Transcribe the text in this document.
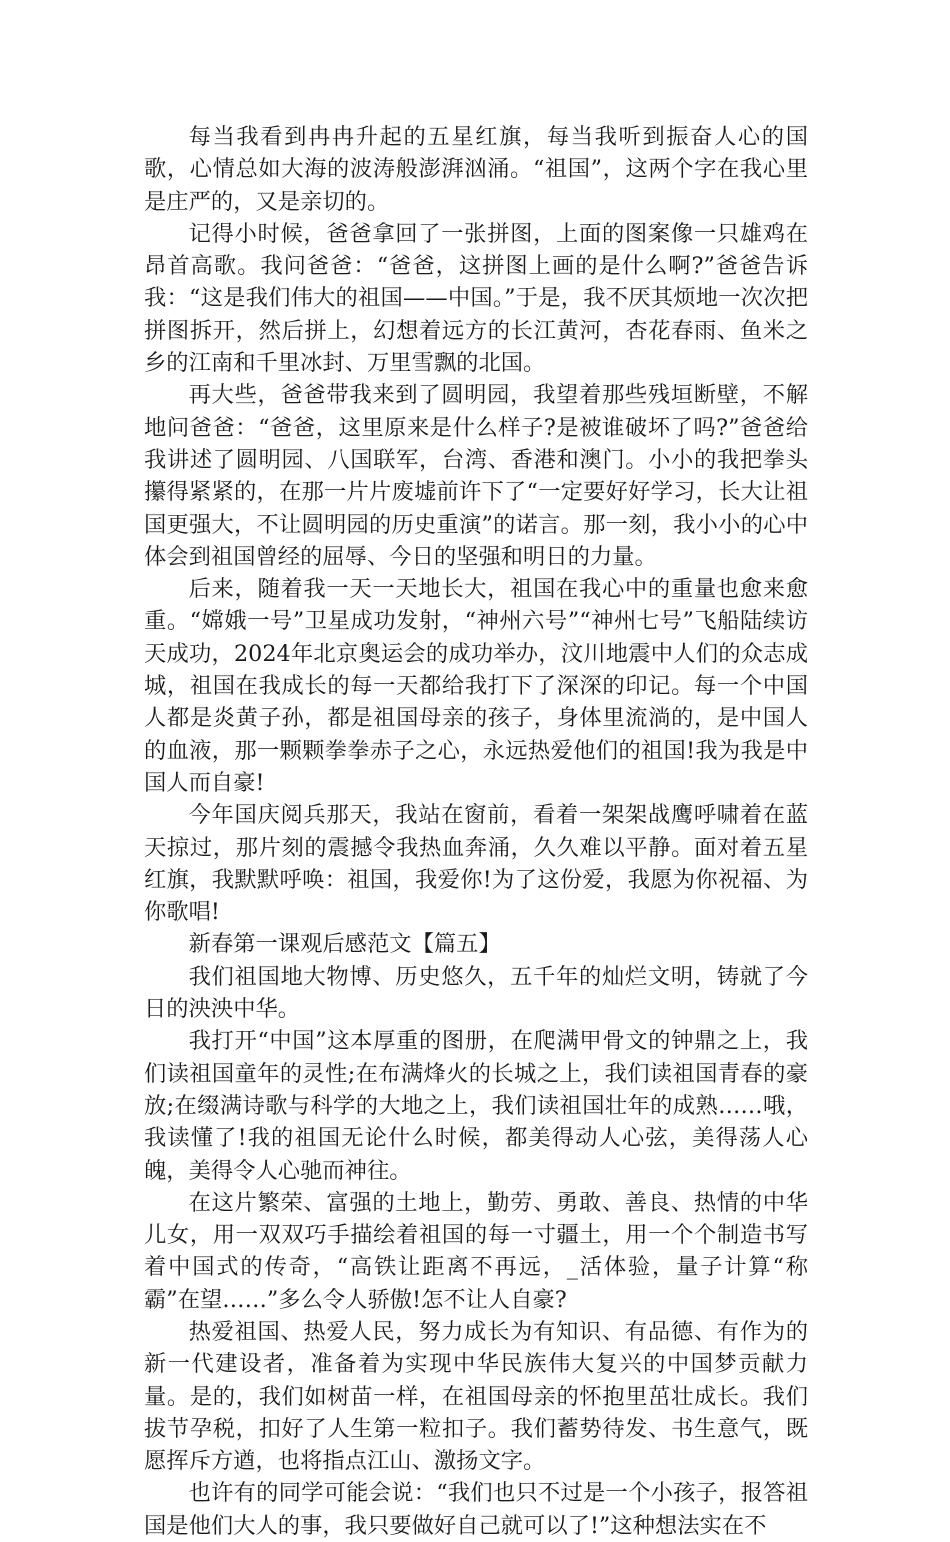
每当我看到冉冉升起的五星红旗，每当我听到振奋人心的国歌，心情总如大海的波涛般澎湃汹涌。“祖国”，这两个字在我心里是庄严的，又是亲切的。

记得小时候，爸爸拿回了一张拼图，上面的图案像一只雄鸡在昂首高歌。我问爸爸：“爸爸，这拼图上画的是什么啊?”爸爸告诉我：“这是我们伟大的祖国——中国。”于是，我不厌其烦地一次次把拼图拆开，然后拼上，幻想着远方的长江黄河，杏花春雨、鱼米之乡的江南和千里冰封、万里雪飘的北国。

再大些，爸爸带我来到了圆明园，我望着那些残垣断壁，不解地问爸爸：“爸爸，这里原来是什么样子?是被谁破坏了吗?”爸爸给我讲述了圆明园、八国联军，台湾、香港和澳门。小小的我把拳头攥得紧紧的，在那一片片废墟前许下了“一定要好好学习，长大让祖国更强大，不让圆明园的历史重演”的诺言。那一刻，我小小的心中体会到祖国曾经的屈辱、今日的坚强和明日的力量。

后来，随着我一天一天地长大，祖国在我心中的重量也愈来愈重。“嫦娥一号”卫星成功发射，“神州六号”“神州七号”飞船陆续访天成功，2024年北京奥运会的成功举办，汶川地震中人们的众志成城，祖国在我成长的每一天都给我打下了深深的印记。每一个中国人都是炎黄子孙，都是祖国母亲的孩子，身体里流淌的，是中国人的血液，那一颗颗拳拳赤子之心，永远热爱他们的祖国!我为我是中国人而自豪!

今年国庆阅兵那天，我站在窗前，看着一架架战鹰呼啸着在蓝天掠过，那片刻的震撼令我热血奔涌，久久难以平静。面对着五星红旗，我默默呼唤：祖国，我爱你!为了这份爱，我愿为你祝福、为你歌唱!

新春第一课观后感范文【篇五】

我们祖国地大物博、历史悠久，五千年的灿烂文明，铸就了今日的泱泱中华。

我打开“中国”这本厚重的图册，在爬满甲骨文的钟鼎之上，我们读祖国童年的灵性;在布满烽火的长城之上，我们读祖国青春的豪放;在缀满诗歌与科学的大地之上，我们读祖国壮年的成熟……哦，我读懂了!我的祖国无论什么时候，都美得动人心弦，美得荡人心魄，美得令人心驰而神往。

在这片繁荣、富强的土地上，勤劳、勇敢、善良、热情的中华儿女，用一双双巧手描绘着祖国的每一寸疆土，用一个个制造书写着中国式的传奇，“高铁让距离不再远，_活体验，量子计算“称霸”在望……”多么令人骄傲!怎不让人自豪?

热爱祖国、热爱人民，努力成长为有知识、有品德、有作为的新一代建设者，准备着为实现中华民族伟大复兴的中国梦贡献力量。是的，我们如树苗一样，在祖国母亲的怀抱里茁壮成长。我们拔节孕税，扣好了人生第一粒扣子。我们蓄势待发、书生意气，既愿挥斥方遒，也将指点江山、激扬文字。

也许有的同学可能会说：“我们也只不过是一个小孩子，报答祖国是他们大人的事，我只要做好自己就可以了!”这种想法实在不
